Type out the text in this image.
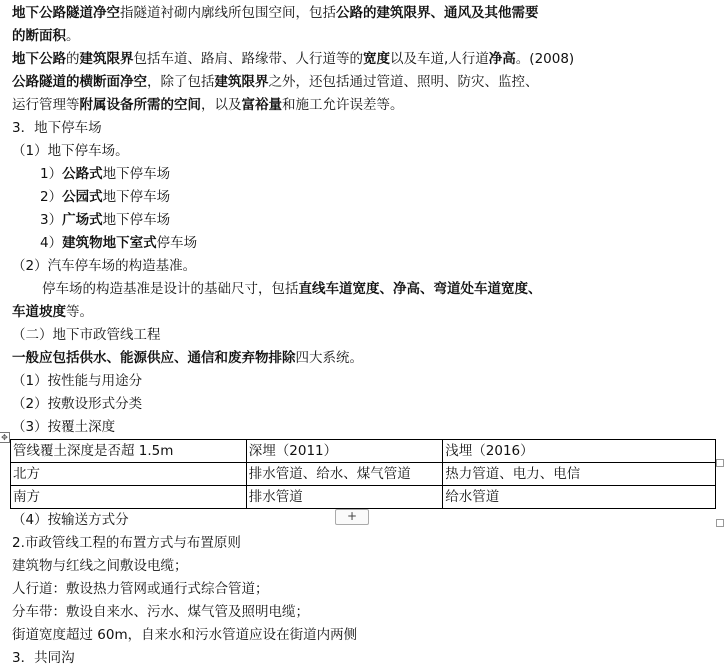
地下公路隧道净空指隧道衬砌内廓线所包围空间，包括公路的建筑限界、通风及其他需要
的断面积。
地下公路的建筑限界包括车道、路肩、路缘带、人行道等的宽度以及车道,人行道净高。(2008)
公路隧道的横断面净空，除了包括建筑限界之外，还包括通过管道、照明、防灾、监控、
运行管理等附属设备所需的空间，以及富裕量和施工允许误差等。
3．地下停车场
（1）地下停车场。
1）公路式地下停车场
2）公园式地下停车场
3）广场式地下停车场
4）建筑物地下室式停车场
（2）汽车停车场的构造基准。
停车场的构造基准是设计的基础尺寸，包括直线车道宽度、净高、弯道处车道宽度、
车道坡度等。
（二）地下市政管线工程
一般应包括供水、能源供应、通信和废弃物排除四大系统。
（1）按性能与用途分
（2）按敷设形式分类
（3）按覆土深度
✥
管线覆土深度是否超 1.5m	深埋（2011）	浅埋（2016）
北方	排水管道、给水、煤气管道	热力管道、电力、电信
南方	排水管道	给水管道
（4）按输送方式分
2.市政管线工程的布置方式与布置原则
建筑物与红线之间敷设电缆；
人行道：敷设热力管网或通行式综合管道；
分车带：敷设自来水、污水、煤气管及照明电缆；
街道宽度超过 60m，自来水和污水管道应设在街道内两侧
3．共同沟
+
